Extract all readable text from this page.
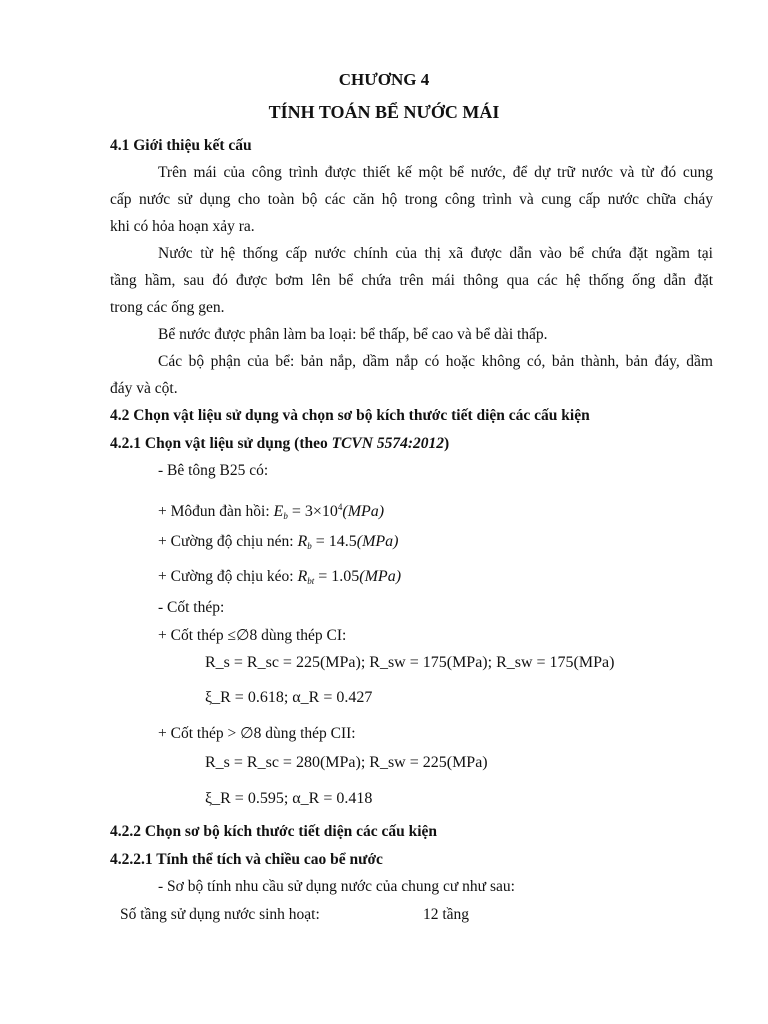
CHƯƠNG 4
TÍNH TOÁN BỂ NƯỚC MÁI
4.1 Giới thiệu kết cấu
Trên mái của công trình được thiết kế một bể nước, để dự trữ nước và từ đó cung
cấp nước sử dụng cho toàn bộ các căn hộ trong công trình và cung cấp nước chữa cháy
khi có hỏa hoạn xảy ra.
Nước từ hệ thống cấp nước chính của thị xã được dẫn vào bể chứa đặt ngầm tại
tầng hầm, sau đó được bơm lên bể chứa trên mái thông qua các hệ thống ống dẫn đặt
trong các ống gen.
Bể nước được phân làm ba loại: bể thấp, bể cao và bể dài thấp.
Các bộ phận của bể: bản nắp, dầm nắp có hoặc không có, bản thành, bản đáy, dầm
đáy và cột.
4.2 Chọn vật liệu sử dụng và chọn sơ bộ kích thước tiết diện các cấu kiện
4.2.1 Chọn vật liệu sử dụng (theo TCVN 5574:2012)
- Bê tông B25 có:
+ Môđun đàn hồi: $E_b = 3\times 10^4(MPa)$
+ Cường độ chịu nén: $R_b = 14.5(MPa)$
+ Cường độ chịu kéo: $R_{bt} = 1.05(MPa)$
- Cốt thép:
+ Cốt thép ≤∅8 dùng thép CI:
R_s = R_sc = 225(MPa); R_sw = 175(MPa); R_sw = 175(MPa)
ξ_R = 0.618; α_R = 0.427
+ Cốt thép > ∅8 dùng thép CII:
R_s = R_sc = 280(MPa); R_sw = 225(MPa)
ξ_R = 0.595; α_R = 0.418
4.2.2 Chọn sơ bộ kích thước tiết diện các cấu kiện
4.2.2.1 Tính thể tích và chiều cao bể nước
- Sơ bộ tính nhu cầu sử dụng nước của chung cư như sau:
Số tầng sử dụng nước sinh hoạt:	12 tầng
